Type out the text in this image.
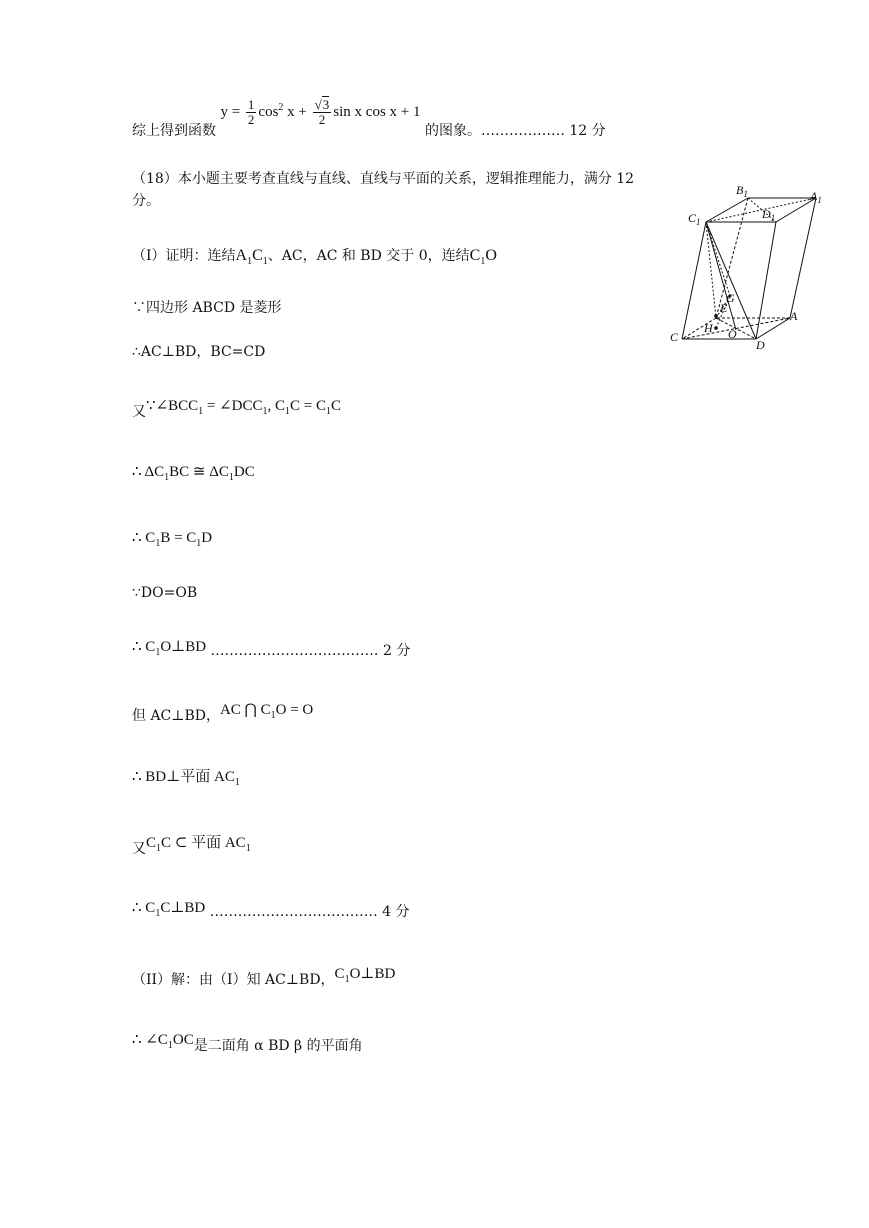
综上得到函数 $y = \frac{1}{2} \cos^2 x + \frac{√3}{2}$ sin x cos x + 1 的图象。……………… 12 分
（18）本小题主要考查直线与直线、直线与平面的关系，逻辑推理能力，满分 12
分。
（I）证明：连结$A_1C_1$、AC，AC 和 BD 交于 0，连结$C_1O$
∵四边形 ABCD 是菱形
∴AC⊥BD，BC=CD
又$\because\angle BCC_1$ = $\angle DCC_1$, $C_1C = C_1C$
∴ $\Delta C_1BC$ ≅ $\Delta C_1DC$
∴ $C_1B = C_1D$
∵DO=OB
∴ $C_1O\perp BD$ ……………………………… 2 分
但 AC⊥BD，AC ⋂ $C_1O = O$
∴ BD⊥平面 $AC_1$
又$C_1C$ ⊂ 平面 $AC_1$
∴ $C_1C\perp BD$ ……………………………… 4 分
（II）解：由（I）知 AC⊥BD，$C_1O\perp BD$
∴ $\angle C_1OC$是二面角 α BD β 的平面角
$B_1$	$A_1$
$C_1$
$D_1$
G
E
H O
C
D
A
